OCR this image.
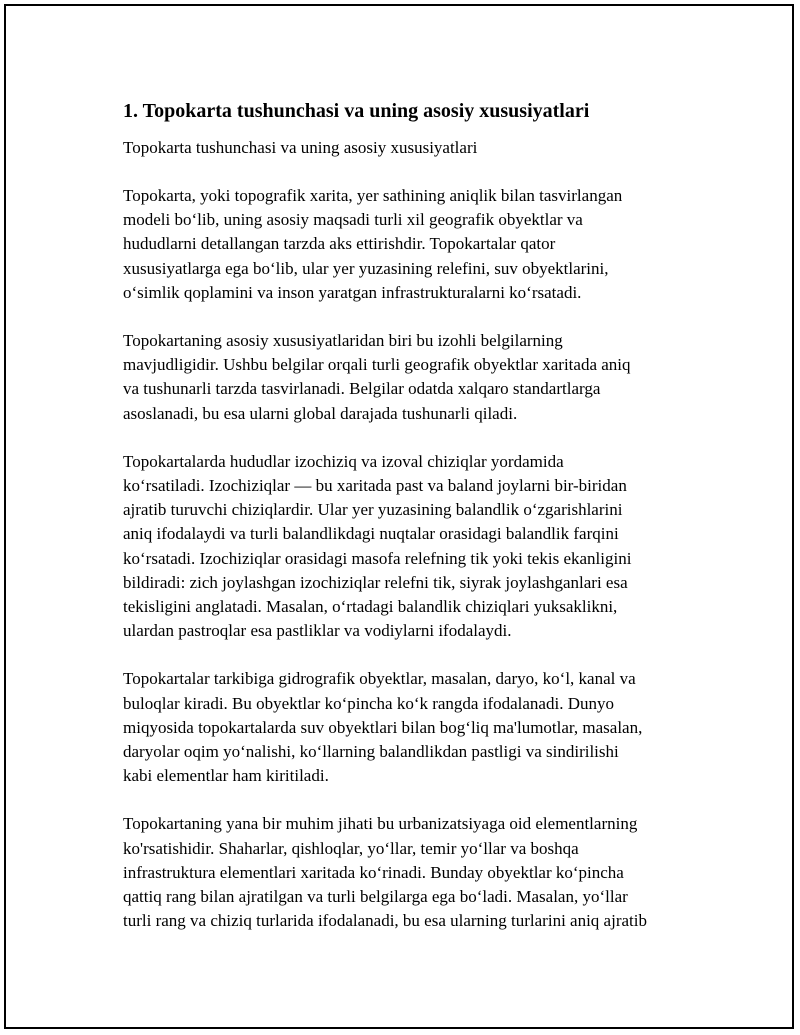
1. Topokarta tushunchasi va uning asosiy xususiyatlari
Topokarta tushunchasi va uning asosiy xususiyatlari
Topokarta, yoki topografik xarita, yer sathining aniqlik bilan tasvirlangan
modeli bo‘lib, uning asosiy maqsadi turli xil geografik obyektlar va
hududlarni detallangan tarzda aks ettirishdir. Topokartalar qator
xususiyatlarga ega bo‘lib, ular yer yuzasining relefini, suv obyektlarini,
o‘simlik qoplamini va inson yaratgan infrastrukturalarni ko‘rsatadi.
Topokartaning asosiy xususiyatlaridan biri bu izohli belgilarning
mavjudligidir. Ushbu belgilar orqali turli geografik obyektlar xaritada aniq
va tushunarli tarzda tasvirlanadi. Belgilar odatda xalqaro standartlarga
asoslanadi, bu esa ularni global darajada tushunarli qiladi.
Topokartalarda hududlar izochiziq va izoval chiziqlar yordamida
ko‘rsatiladi. Izochiziqlar — bu xaritada past va baland joylarni bir-biridan
ajratib turuvchi chiziqlardir. Ular yer yuzasining balandlik o‘zgarishlarini
aniq ifodalaydi va turli balandlikdagi nuqtalar orasidagi balandlik farqini
ko‘rsatadi. Izochiziqlar orasidagi masofa relefning tik yoki tekis ekanligini
bildiradi: zich joylashgan izochiziqlar relefni tik, siyrak joylashganlari esa
tekisligini anglatadi. Masalan, o‘rtadagi balandlik chiziqlari yuksaklikni,
ulardan pastroqlar esa pastliklar va vodiylarni ifodalaydi.
Topokartalar tarkibiga gidrografik obyektlar, masalan, daryo, ko‘l, kanal va
buloqlar kiradi. Bu obyektlar ko‘pincha ko‘k rangda ifodalanadi. Dunyo
miqyosida topokartalarda suv obyektlari bilan bog‘liq ma'lumotlar, masalan,
daryolar oqim yo‘nalishi, ko‘llarning balandlikdan pastligi va sindirilishi
kabi elementlar ham kiritiladi.
Topokartaning yana bir muhim jihati bu urbanizatsiyaga oid elementlarning
ko'rsatishidir. Shaharlar, qishloqlar, yo‘llar, temir yo‘llar va boshqa
infrastruktura elementlari xaritada ko‘rinadi. Bunday obyektlar ko‘pincha
qattiq rang bilan ajratilgan va turli belgilarga ega bo‘ladi. Masalan, yo‘llar
turli rang va chiziq turlarida ifodalanadi, bu esa ularning turlarini aniq ajratib
